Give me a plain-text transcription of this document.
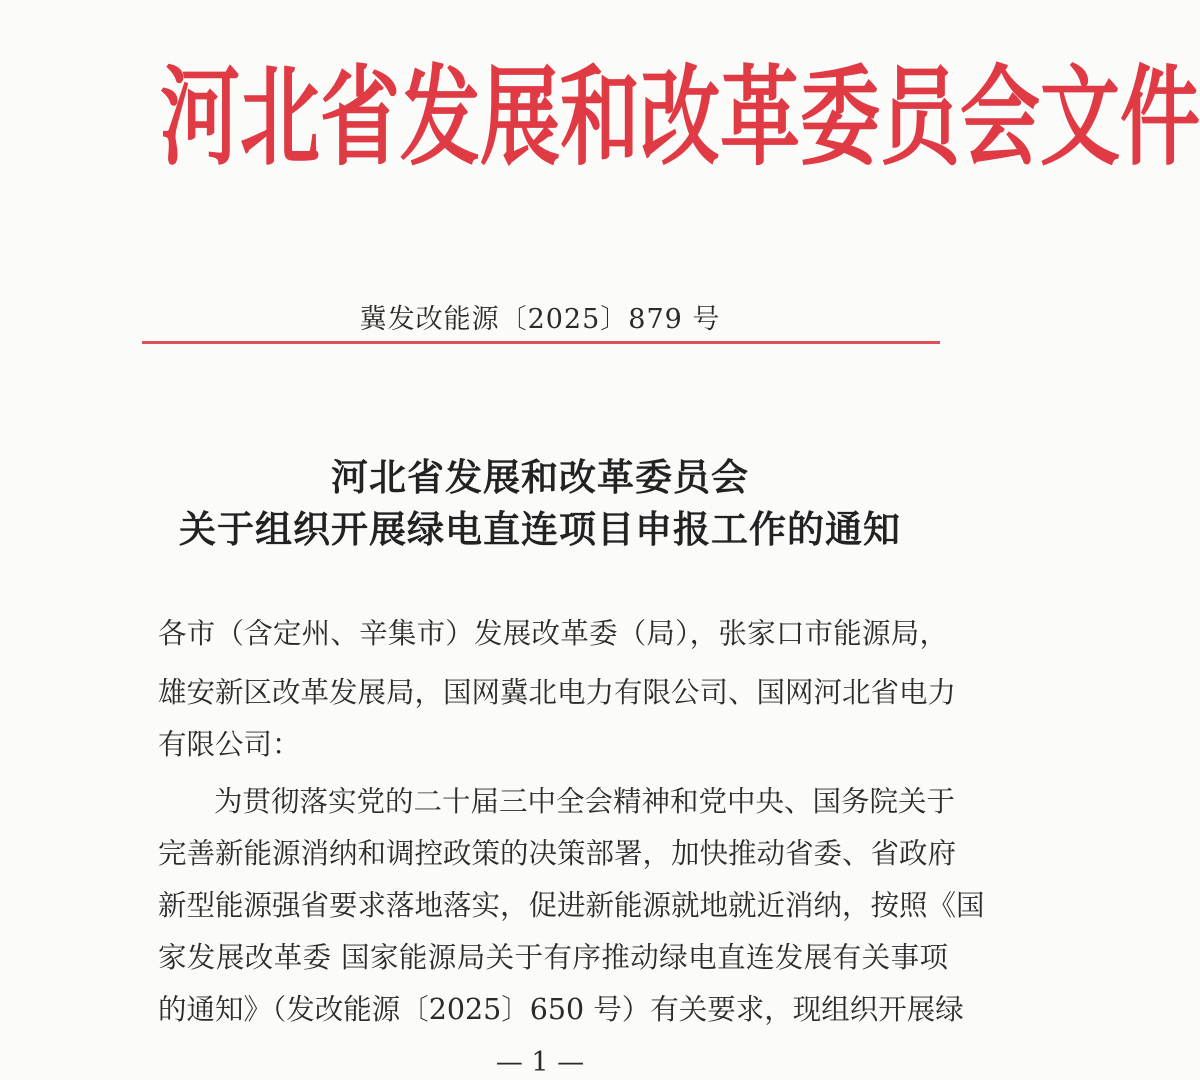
河 北 省 发 展 和 改 革 委 员 会 文 件
冀发改能源〔2025〕879 号
河北省发展和改革委员会
关于组织开展绿电直连项目申报工作的通知
各市（含定州、辛集市）发展改革委（局），张家口市能源局，
雄安新区改革发展局，国网冀北电力有限公司、国网河北省电力
有限公司：
为贯彻落实党的二十届三中全会精神和党中央、国务院关于
完善新能源消纳和调控政策的决策部署，加快推动省委、省政府
新型能源强省要求落地落实，促进新能源就地就近消纳，按照《国
家发展改革委 国家能源局关于有序推动绿电直连发展有关事项
的通知》（发改能源〔2025〕650 号）有关要求，现组织开展绿
— 1 —
